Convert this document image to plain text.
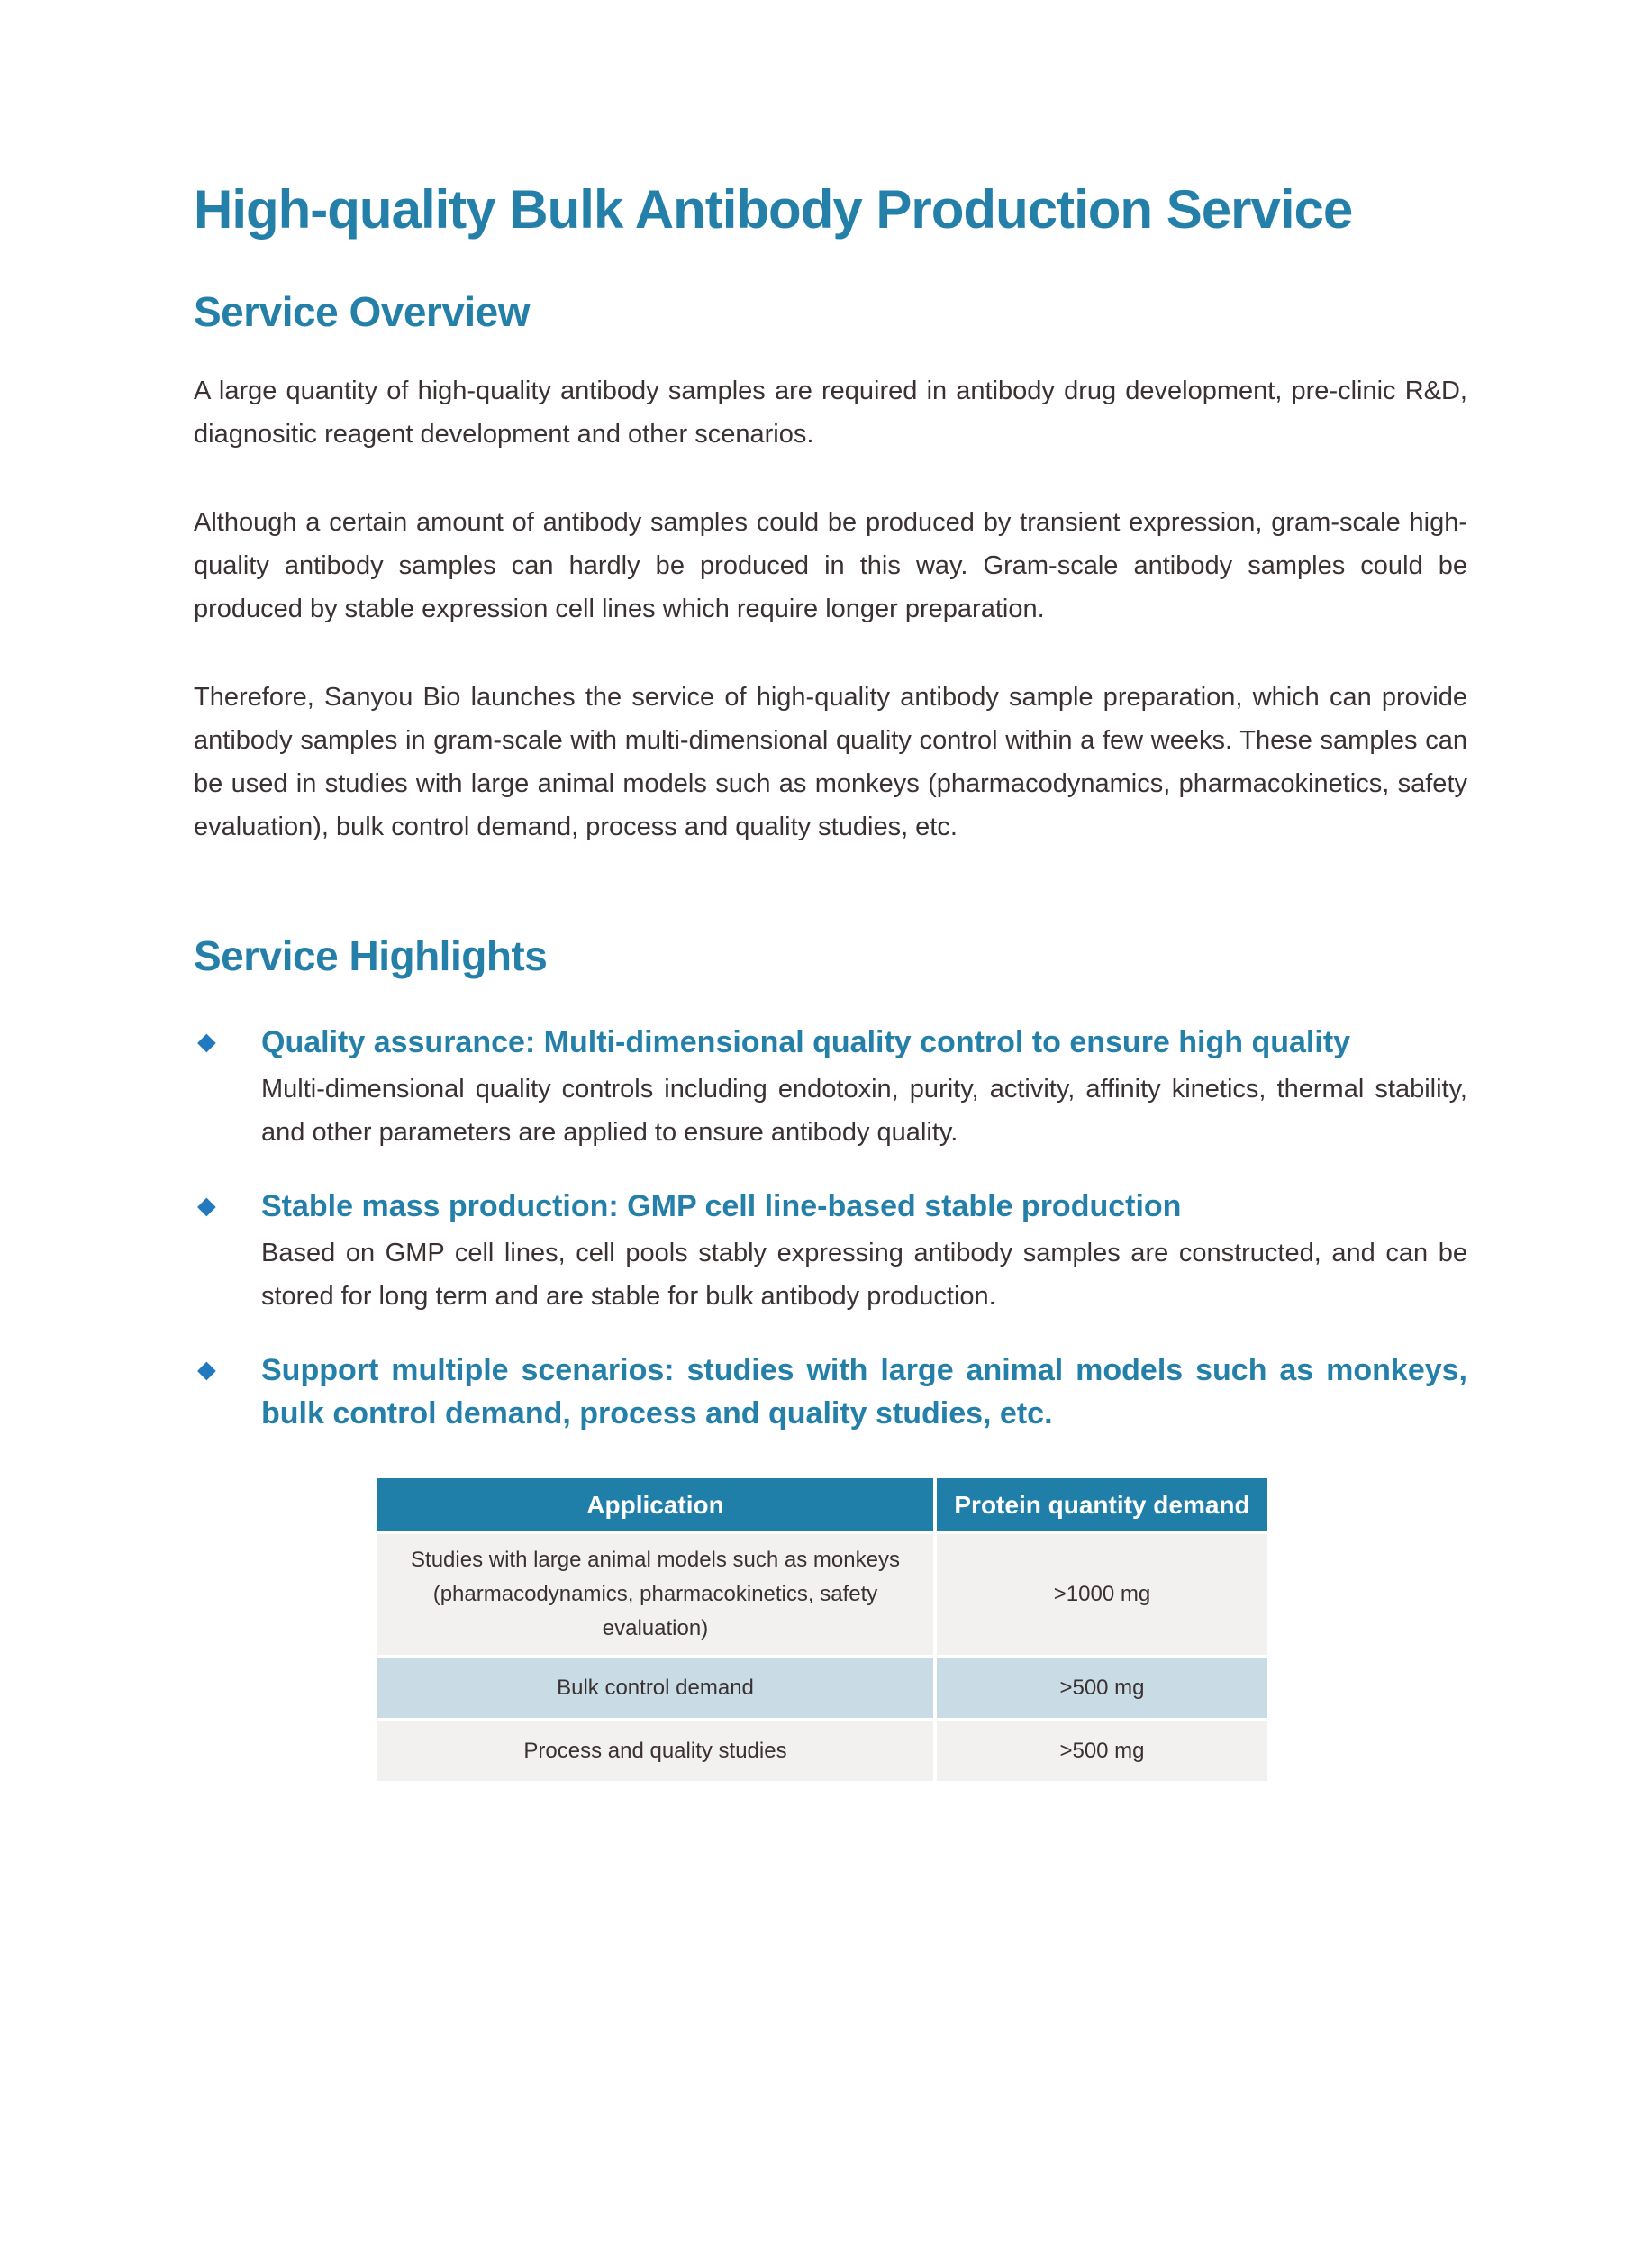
High-quality Bulk Antibody Production Service
Service Overview

A large quantity of high-quality antibody samples are required in antibody drug development, pre-clinic R&D, diagnositic reagent development and other scenarios.

Although a certain amount of antibody samples could be produced by transient expression, gram-scale high-quality antibody samples can hardly be produced in this way. Gram-scale antibody samples could be produced by stable expression cell lines which require longer preparation.

Therefore, Sanyou Bio launches the service of high-quality antibody sample preparation, which can provide antibody samples in gram-scale with multi-dimensional quality control within a few weeks. These samples can be used in studies with large animal models such as monkeys (pharmacodynamics, pharmacokinetics, safety evaluation), bulk control demand, process and quality studies, etc.

Service Highlights
◆	Quality assurance: Multi-dimensional quality control to ensure high quality
Multi-dimensional quality controls including endotoxin, purity, activity, affinity kinetics, thermal stability, and other parameters are applied to ensure antibody quality.
◆	Stable mass production: GMP cell line-based stable production
Based on GMP cell lines, cell pools stably expressing antibody samples are constructed, and can be stored for long term and are stable for bulk antibody production.
◆	Support multiple scenarios: studies with large animal models such as monkeys, bulk control demand, process and quality studies, etc.
Application	Protein quantity demand
Studies with large animal models such as monkeys (pharmacodynamics, pharmacokinetics, safety evaluation)	>1000 mg
Bulk control demand	>500 mg
Process and quality studies	>500 mg
